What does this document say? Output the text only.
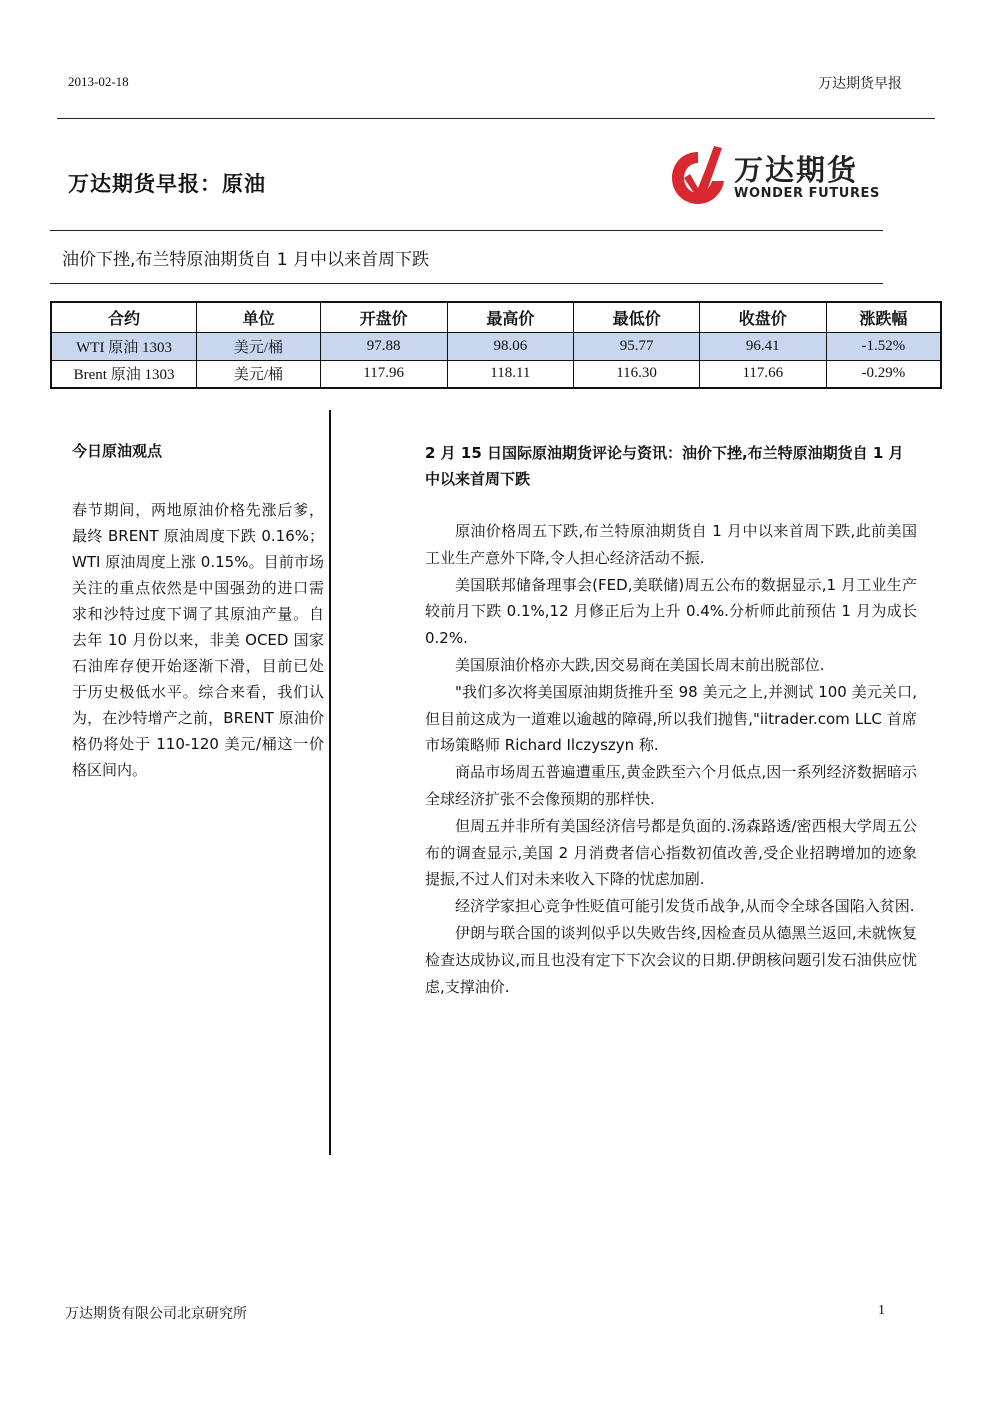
2013-02-18	万达期货早报
万达期货早报：原油	万达期货
WONDER FUTURES
油价下挫,布兰特原油期货自 1 月中以来首周下跌
合约	单位	开盘价	最高价	最低价	收盘价	涨跌幅
WTI 原油 1303	美元/桶	97.88	98.06	95.77	96.41	-1.52%
Brent 原油 1303	美元/桶	117.96	118.11	116.30	117.66	-0.29%
今日原油观点
春节期间，两地原油价格先涨后爹，最终 BRENT 原油周度下跌 0.16%；WTI 原油周度上涨 0.15%。目前市场关注的重点依然是中国强劲的进口需求和沙特过度下调了其原油产量。自去年 10 月份以来，非美 OCED 国家石油库存便开始逐渐下滑，目前已处于历史极低水平。综合来看，我们认为，在沙特增产之前，BRENT 原油价格仍将处于 110-120 美元/桶这一价格区间内。
2 月 15 日国际原油期货评论与资讯：油价下挫,布兰特原油期货自 1 月中以来首周下跌

原油价格周五下跌,布兰特原油期货自 1 月中以来首周下跌,此前美国工业生产意外下降,令人担心经济活动不振.

美国联邦储备理事会(FED,美联储)周五公布的数据显示,1 月工业生产较前月下跌 0.1%,12 月修正后为上升 0.4%.分析师此前预估 1 月为成长 0.2%.

美国原油价格亦大跌,因交易商在美国长周末前出脱部位.

"我们多次将美国原油期货推升至 98 美元之上,并测试 100 美元关口,但目前这成为一道难以逾越的障碍,所以我们抛售,"iitrader.com LLC 首席市场策略师 Richard Ilczyszyn 称.

商品市场周五普遍遭重压,黄金跌至六个月低点,因一系列经济数据暗示全球经济扩张不会像预期的那样快.

但周五并非所有美国经济信号都是负面的.汤森路透/密西根大学周五公布的调查显示,美国 2 月消费者信心指数初值改善,受企业招聘增加的迹象提振,不过人们对未来收入下降的忧虑加剧.

经济学家担心竞争性贬值可能引发货币战争,从而令全球各国陷入贫困.

伊朗与联合国的谈判似乎以失败告终,因检查员从德黑兰返回,未就恢复检查达成协议,而且也没有定下下次会议的日期.伊朗核问题引发石油供应忧虑,支撑油价.

万达期货有限公司北京研究所	1
